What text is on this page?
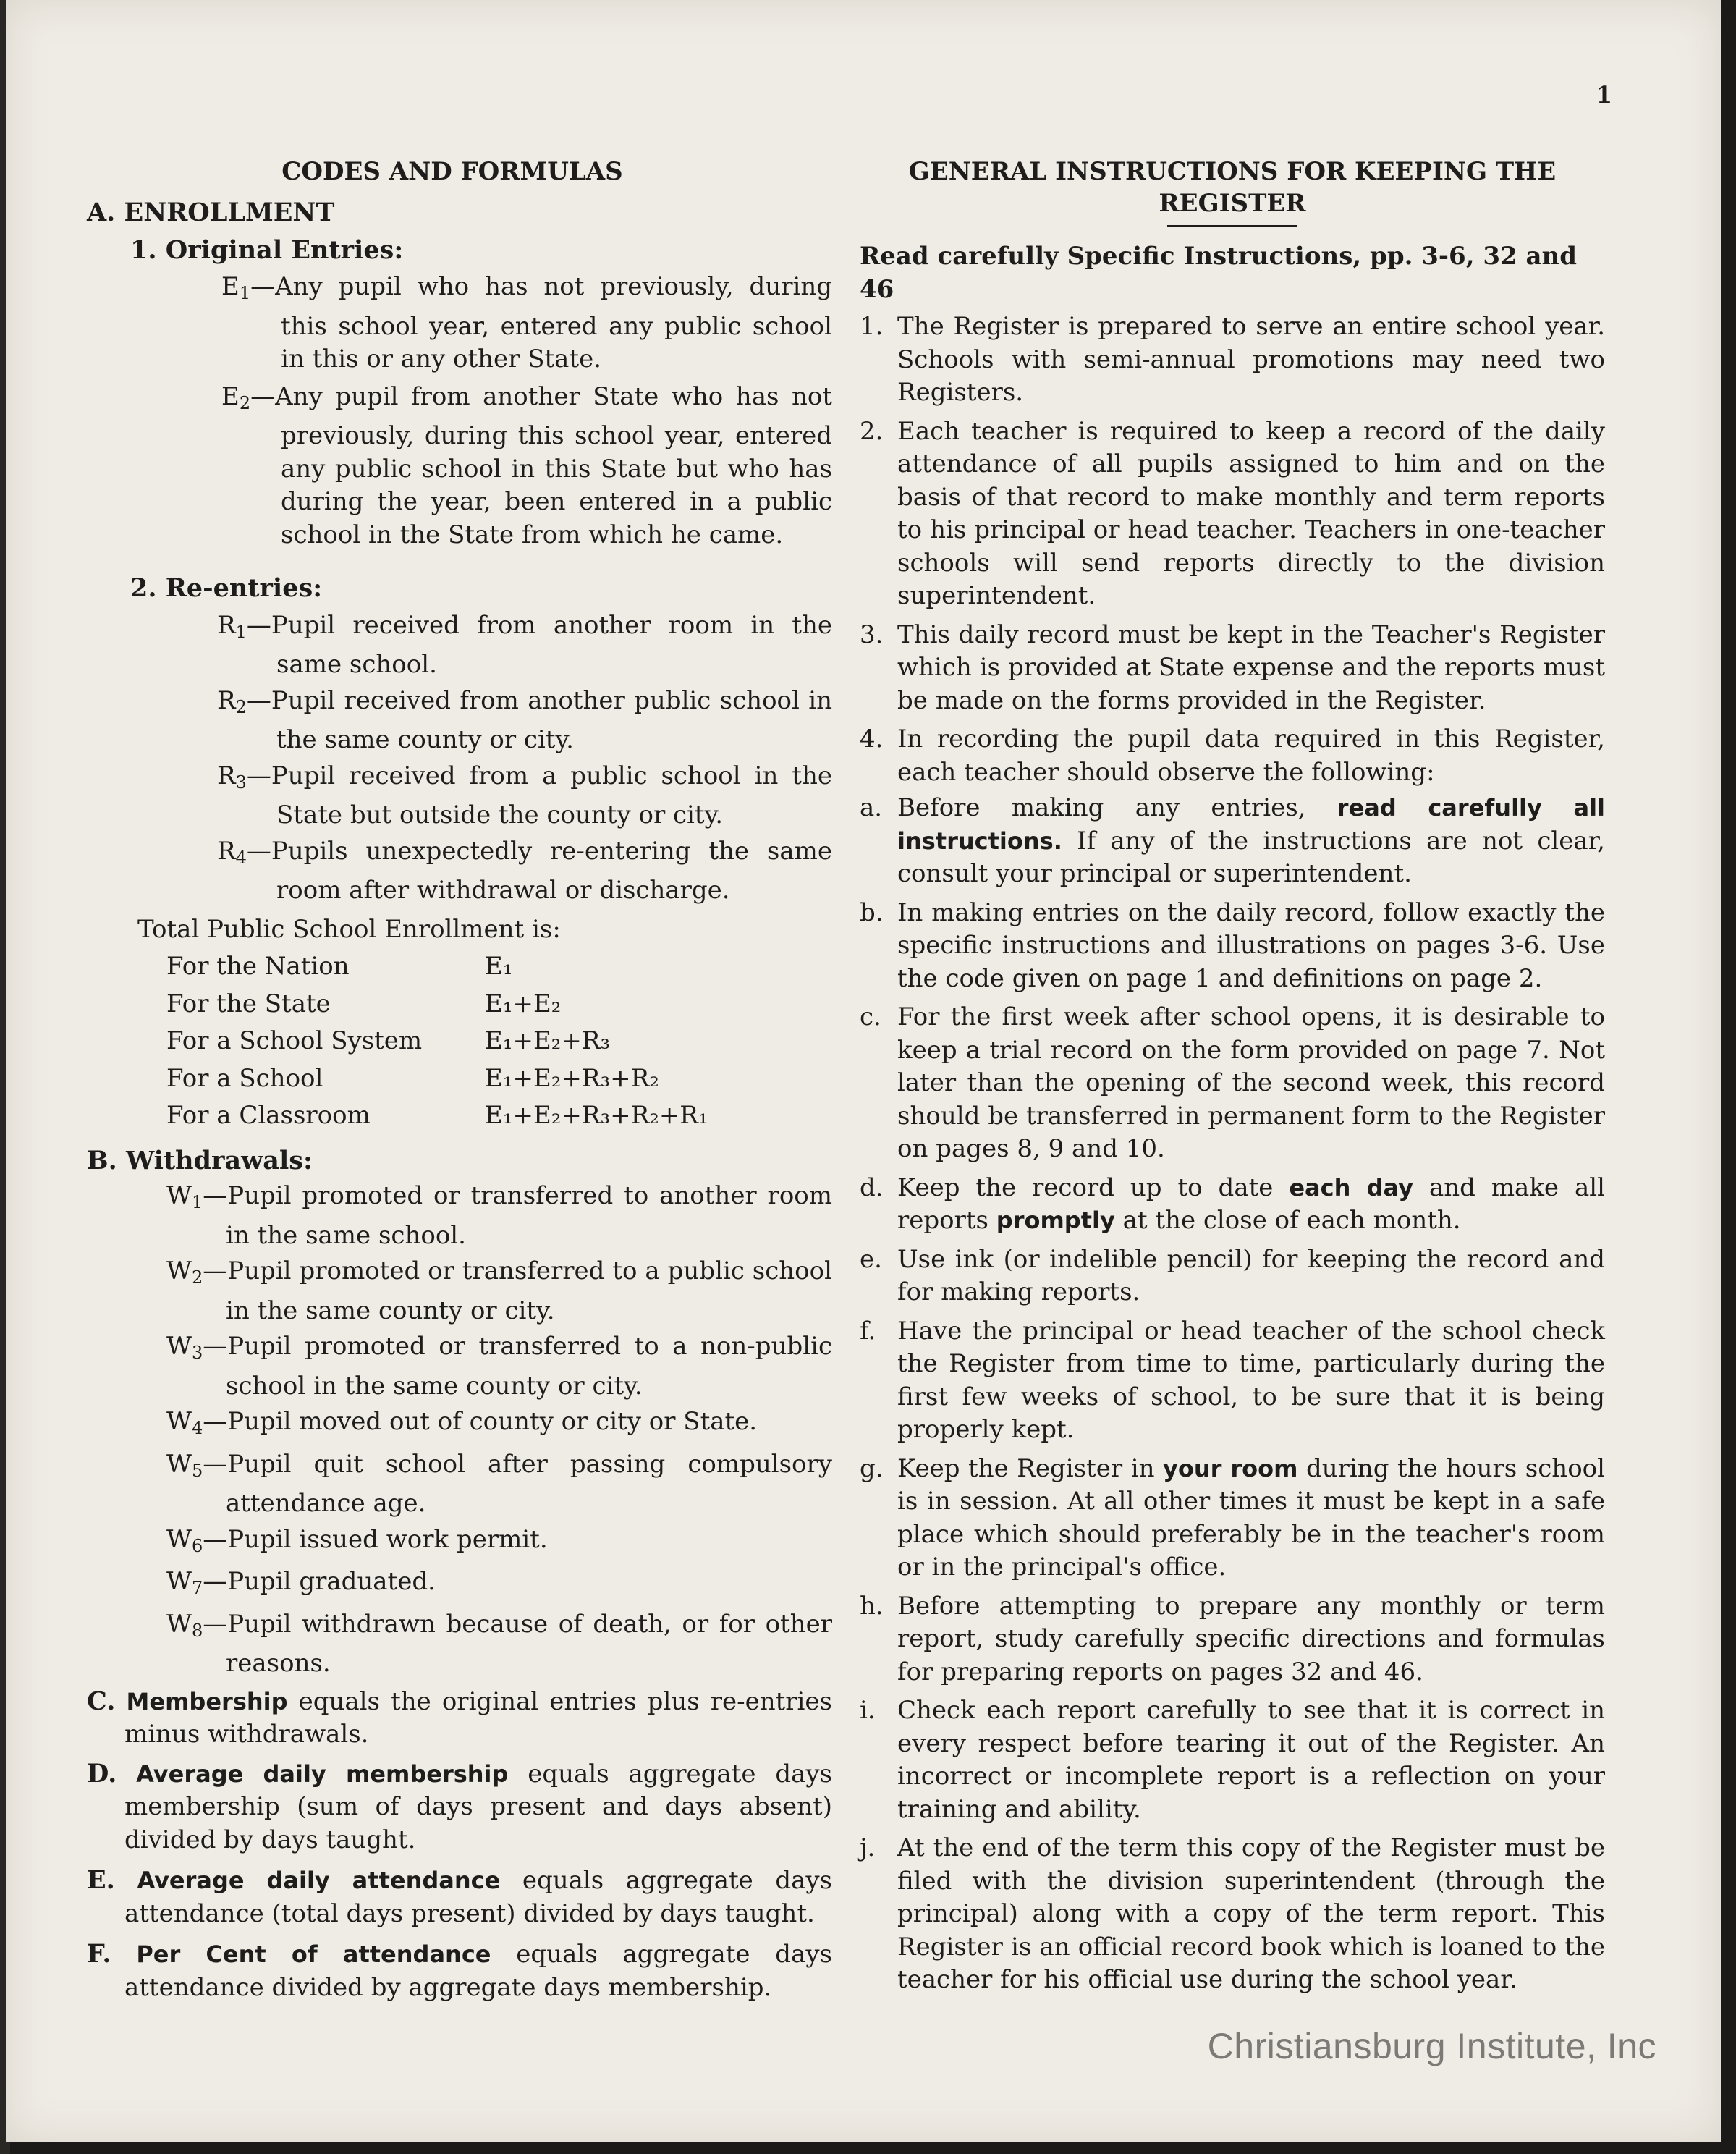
1
CODES AND FORMULAS
A. ENROLLMENT
1. Original Entries:
$E_1—Any$ pupil who has not previously, during this school year, entered any public school in this or any other State.
$E_2—Any$ pupil from another State who has not previously, during this school year, entered any public school in this State but who has during the year, been entered in a public school in the State from which he came.
2. Re-entries:
$R_1—Pupil$ received from another room in the same school.
$R_2—Pupil$ received from another public school in the same county or city.
$R_3—Pupil$ received from a public school in the State but outside the county or city.
$R_4—Pupils$ unexpectedly re-entering the same room after withdrawal or discharge.
Total Public School Enrollment is:
For the Nation	E₁
For the State	E₁+E₂
For a School System	E₁+E₂+R₃
For a School	E₁+E₂+R₃+R₂
For a Classroom	E₁+E₂+R₃+R₂+R₁
B. Withdrawals:
$W_1—Pupil$ promoted or transferred to another room in the same school.
$W_2—Pupil$ promoted or transferred to a public school in the same county or city.
$W_3—Pupil$ promoted or transferred to a non-public school in the same county or city.
$W_4—Pupil$ moved out of county or city or State.
$W_5—Pupil$ quit school after passing compulsory attendance age.
$W_6—Pupil$ issued work permit.
$W_7—Pupil$ graduated.
$W_8—Pupil$ withdrawn because of death, or for other reasons.
C. Membership equals the original entries plus re-entries minus withdrawals.
D. Average daily membership equals aggregate days membership (sum of days present and days absent) divided by days taught.
E. Average daily attendance equals aggregate days attendance (total days present) divided by days taught.
F. Per Cent of attendance equals aggregate days attendance divided by aggregate days membership.
GENERAL INSTRUCTIONS FOR KEEPING THE REGISTER
Read carefully Specific Instructions, pp. 3-6, 32 and 46
1. The Register is prepared to serve an entire school year. Schools with semi-annual promotions may need two Registers.
2. Each teacher is required to keep a record of the daily attendance of all pupils assigned to him and on the basis of that record to make monthly and term reports to his principal or head teacher. Teachers in one-teacher schools will send reports directly to the division superintendent.
3. This daily record must be kept in the Teacher's Register which is provided at State expense and the reports must be made on the forms provided in the Register.
4. In recording the pupil data required in this Register, each teacher should observe the following:
a. Before making any entries, read carefully all instructions. If any of the instructions are not clear, consult your principal or superintendent.
b. In making entries on the daily record, follow exactly the specific instructions and illustrations on pages 3-6. Use the code given on page 1 and definitions on page 2.
c. For the first week after school opens, it is desirable to keep a trial record on the form provided on page 7. Not later than the opening of the second week, this record should be transferred in permanent form to the Register on pages 8, 9 and 10.
d. Keep the record up to date each day and make all reports promptly at the close of each month.
e. Use ink (or indelible pencil) for keeping the record and for making reports.
f. Have the principal or head teacher of the school check the Register from time to time, particularly during the first few weeks of school, to be sure that it is being properly kept.
g. Keep the Register in your room during the hours school is in session. At all other times it must be kept in a safe place which should preferably be in the teacher's room or in the principal's office.
h. Before attempting to prepare any monthly or term report, study carefully specific directions and formulas for preparing reports on pages 32 and 46.
i. Check each report carefully to see that it is correct in every respect before tearing it out of the Register. An incorrect or incomplete report is a reflection on your training and ability.
j. At the end of the term this copy of the Register must be filed with the division superintendent (through the principal) along with a copy of the term report. This Register is an official record book which is loaned to the teacher for his official use during the school year.
Christiansburg Institute, Inc
